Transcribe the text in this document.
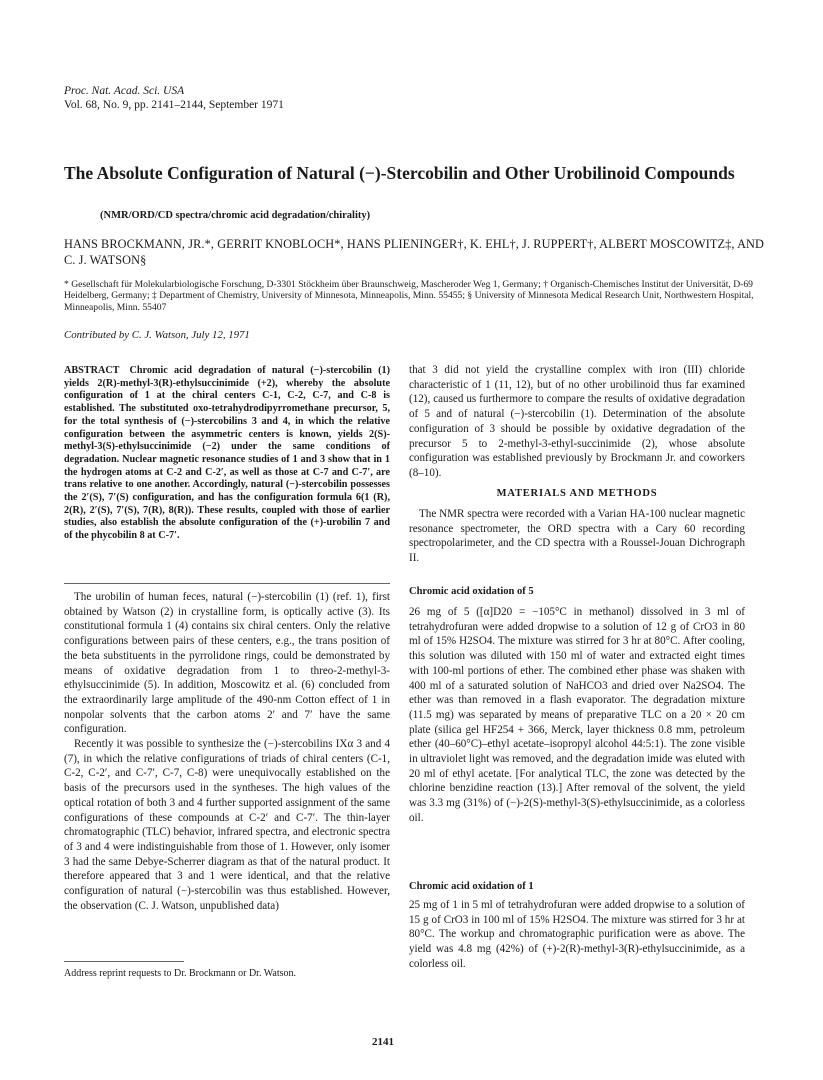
Proc. Nat. Acad. Sci. USA
Vol. 68, No. 9, pp. 2141–2144, September 1971
The Absolute Configuration of Natural (−)-Stercobilin and Other Urobilinoid Compounds
(NMR/ORD/CD spectra/chromic acid degradation/chirality)
HANS BROCKMANN, JR.*, GERRIT KNOBLOCH*, HANS PLIENINGER†, K. EHL†, J. RUPPERT†, ALBERT MOSCOWITZ‡, AND C. J. WATSON§
* Gesellschaft für Molekularbiologische Forschung, D-3301 Stöckheim über Braunschweig, Mascheroder Weg 1, Germany; † Organisch-Chemisches Institut der Universität, D-69 Heidelberg, Germany; ‡ Department of Chemistry, University of Minnesota, Minneapolis, Minn. 55455; § University of Minnesota Medical Research Unit, Northwestern Hospital, Minneapolis, Minn. 55407
Contributed by C. J. Watson, July 12, 1971
ABSTRACT Chromic acid degradation of natural (−)-stercobilin (1) yields 2(R)-methyl-3(R)-ethylsuccinimide (+2), whereby the absolute configuration of 1 at the chiral centers C-1, C-2, C-7, and C-8 is established. The substituted oxo-tetrahydrodipyrromethane precursor, 5, for the total synthesis of (−)-stercobilins 3 and 4, in which the relative configuration between the asymmetric centers is known, yields 2(S)-methyl-3(S)-ethylsuccinimide (−2) under the same conditions of degradation. Nuclear magnetic resonance studies of 1 and 3 show that in 1 the hydrogen atoms at C-2 and C-2′, as well as those at C-7 and C-7′, are trans relative to one another. Accordingly, natural (−)-stercobilin possesses the 2′(S), 7′(S) configuration, and has the configuration formula 6(1 (R), 2(R), 2′(S), 7′(S), 7(R), 8(R)). These results, coupled with those of earlier studies, also establish the absolute configuration of the (+)-urobilin 7 and of the phycobilin 8 at C-7′.

The urobilin of human feces, natural (−)-stercobilin (1) (ref. 1), first obtained by Watson (2) in crystalline form, is optically active (3). Its constitutional formula 1 (4) contains six chiral centers. Only the relative configurations between pairs of these centers, e.g., the trans position of the beta substituents in the pyrrolidone rings, could be demonstrated by means of oxidative degradation from 1 to threo-2-methyl-3-ethylsuccinimide (5). In addition, Moscowitz et al. (6) concluded from the extraordinarily large amplitude of the 490-nm Cotton effect of 1 in nonpolar solvents that the carbon atoms 2′ and 7′ have the same configuration.

Recently it was possible to synthesize the (−)-stercobilins IXα 3 and 4 (7), in which the relative configurations of triads of chiral centers (C-1, C-2, C-2′, and C-7′, C-7, C-8) were unequivocally established on the basis of the precursors used in the syntheses. The high values of the optical rotation of both 3 and 4 further supported assignment of the same configurations of these compounds at C-2′ and C-7′. The thin-layer chromatographic (TLC) behavior, infrared spectra, and electronic spectra of 3 and 4 were indistinguishable from those of 1. However, only isomer 3 had the same Debye-Scherrer diagram as that of the natural product. It therefore appeared that 3 and 1 were identical, and that the relative configuration of natural (−)-stercobilin was thus established. However, the observation (C. J. Watson, unpublished data)

Address reprint requests to Dr. Brockmann or Dr. Watson.

that 3 did not yield the crystalline complex with iron (III) chloride characteristic of 1 (11, 12), but of no other urobilinoid thus far examined (12), caused us furthermore to compare the results of oxidative degradation of 5 and of natural (−)-stercobilin (1). Determination of the absolute configuration of 3 should be possible by oxidative degradation of the precursor 5 to 2-methyl-3-ethyl-succinimide (2), whose absolute configuration was established previously by Brockmann Jr. and coworkers (8–10).

MATERIALS AND METHODS

The NMR spectra were recorded with a Varian HA-100 nuclear magnetic resonance spectrometer, the ORD spectra with a Cary 60 recording spectropolarimeter, and the CD spectra with a Roussel-Jouan Dichrograph II.

Chromic acid oxidation of 5

26 mg of 5 ([α]D20 = −105°C in methanol) dissolved in 3 ml of tetrahydrofuran were added dropwise to a solution of 12 g of CrO3 in 80 ml of 15% H2SO4. The mixture was stirred for 3 hr at 80°C. After cooling, this solution was diluted with 150 ml of water and extracted eight times with 100-ml portions of ether. The combined ether phase was shaken with 400 ml of a saturated solution of NaHCO3 and dried over Na2SO4. The ether was than removed in a flash evaporator. The degradation mixture (11.5 mg) was separated by means of preparative TLC on a 20 × 20 cm plate (silica gel HF254 + 366, Merck, layer thickness 0.8 mm, petroleum ether (40–60°C)–ethyl acetate–isopropyl alcohol 44:5:1). The zone visible in ultraviolet light was removed, and the degradation imide was eluted with 20 ml of ethyl acetate. [For analytical TLC, the zone was detected by the chlorine benzidine reaction (13).] After removal of the solvent, the yield was 3.3 mg (31%) of (−)-2(S)-methyl-3(S)-ethylsuccinimide, as a colorless oil.

Chromic acid oxidation of 1

25 mg of 1 in 5 ml of tetrahydrofuran were added dropwise to a solution of 15 g of CrO3 in 100 ml of 15% H2SO4. The mixture was stirred for 3 hr at 80°C. The workup and chromatographic purification were as above. The yield was 4.8 mg (42%) of (+)-2(R)-methyl-3(R)-ethylsuccinimide, as a colorless oil.

2141
